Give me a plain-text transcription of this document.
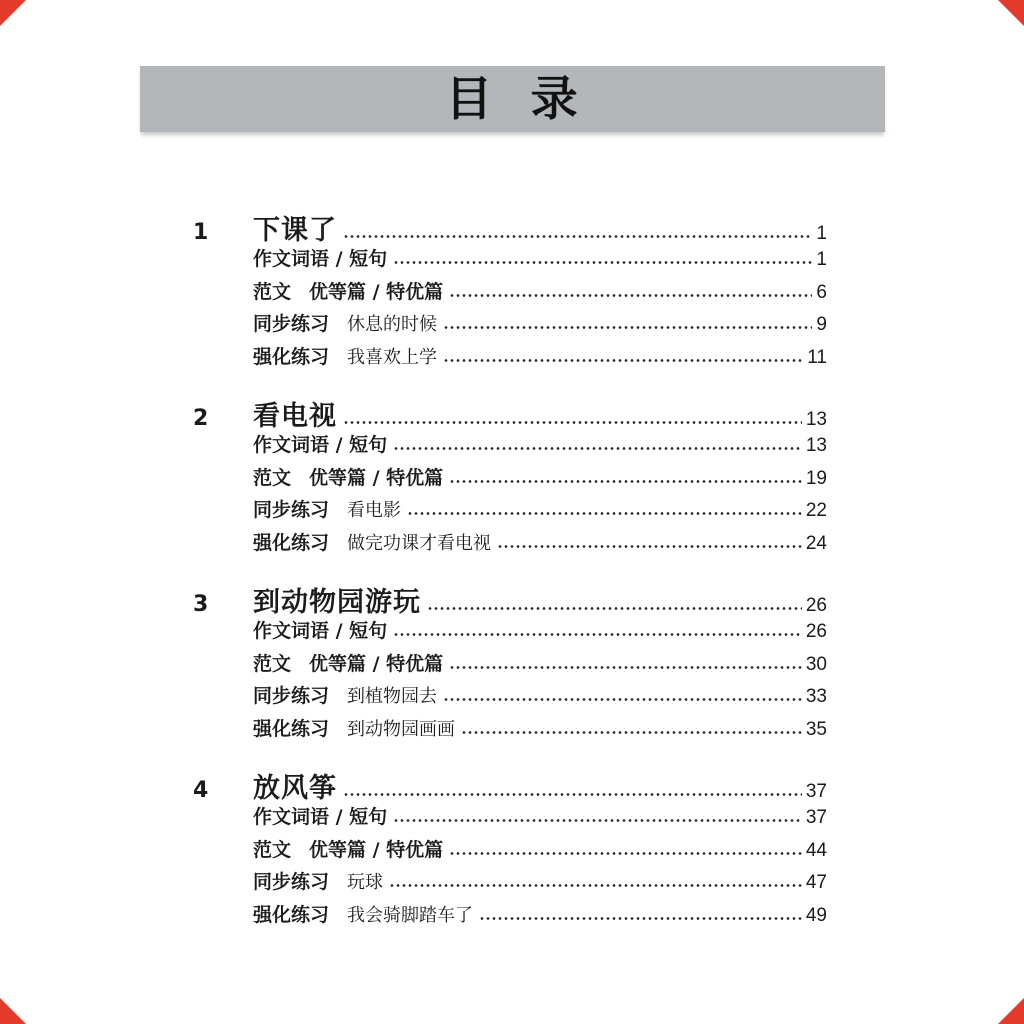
目 录
1	下课了	1
作文词语 / 短句	1
范文 优等篇 / 特优篇	6
同步练习 休息的时候	9
强化练习 我喜欢上学	11
2	看电视	13
作文词语 / 短句	13
范文 优等篇 / 特优篇	19
同步练习 看电影	22
强化练习 做完功课才看电视	24
3	到动物园游玩	26
作文词语 / 短句	26
范文 优等篇 / 特优篇	30
同步练习 到植物园去	33
强化练习 到动物园画画	35
4	放风筝	37
作文词语 / 短句	37
范文 优等篇 / 特优篇	44
同步练习 玩球	47
强化练习 我会骑脚踏车了	49
